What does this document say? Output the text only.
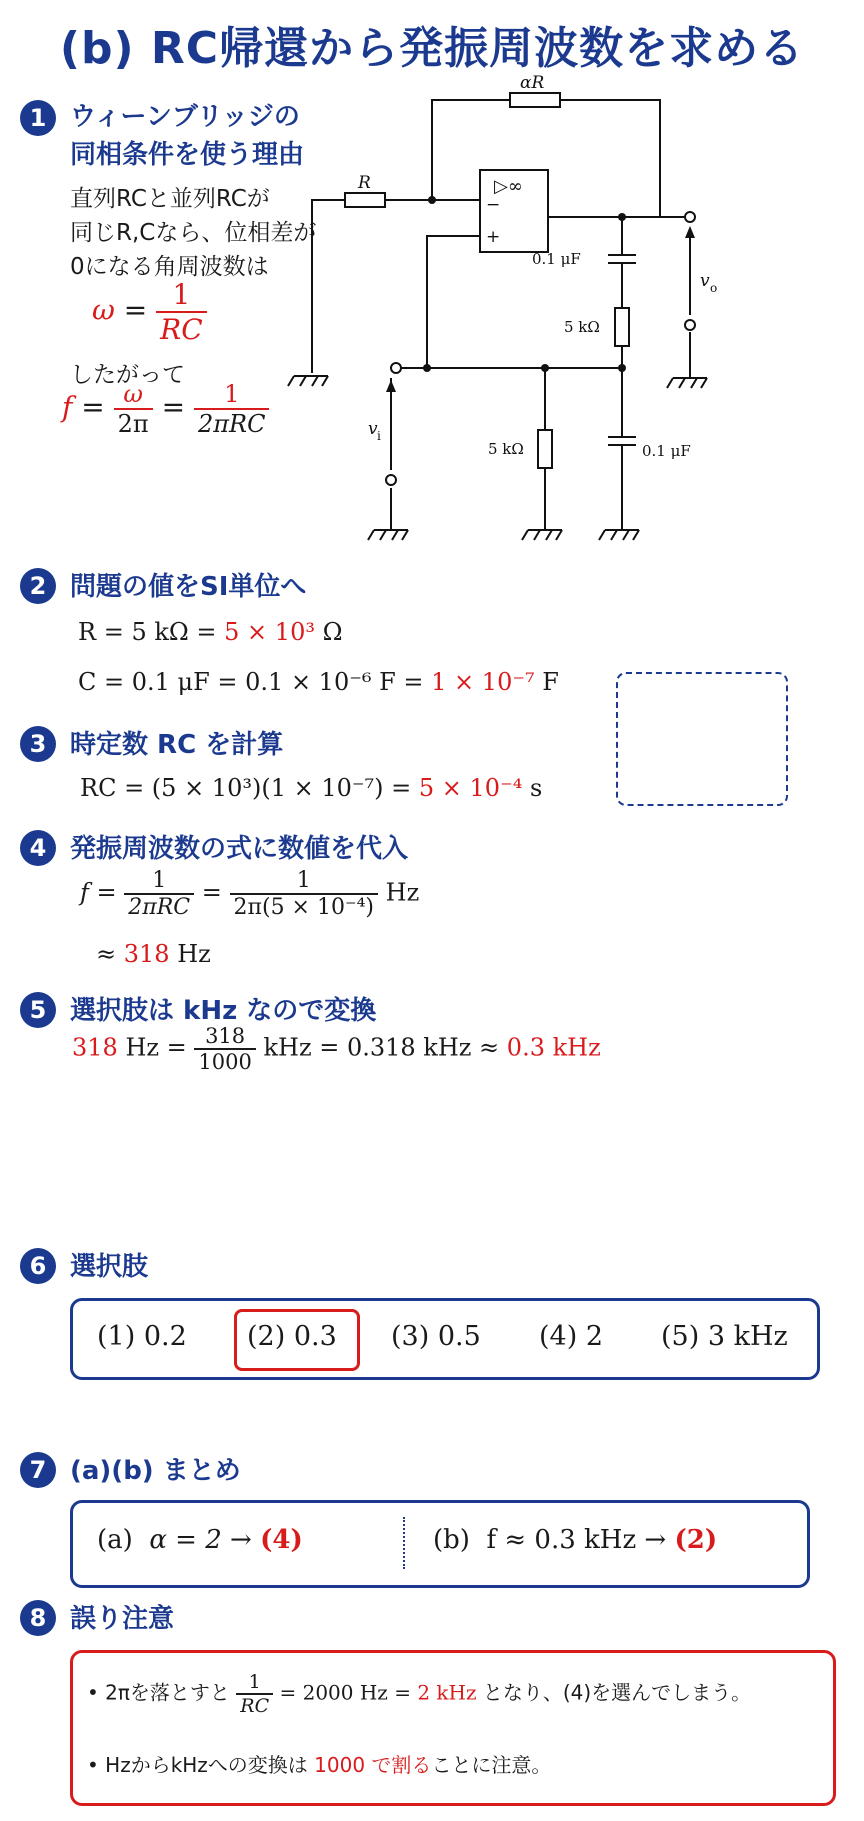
(b) RC帰還から発振周波数を求める
1 ウィーンブリッジの
同相条件を使う理由
直列RCと並列RCが
同じR,Cなら、位相差が
0になる角周波数は
$\omega = \frac{1}{RC}$
したがって
$f = \frac{\omega}{2\pi} = \frac{1}{\text{2πRC}}$
αR
R	▷∞
−
+
0.1 μF
5 kΩ
v o
v i
5 kΩ	0.1 μF
2 問題の値をSI単位へ
R = 5 kΩ = 5 × 10³ Ω
C = 0.1 μF = 0.1 × 10⁻⁶ F = 1 × 10⁻⁷ F
3 時定数 RC を計算
RC = (5 × 10³)(1 × 10⁻⁷) = 5 × 10⁻⁴ s
4 発振周波数の式に数値を代入
$f = \frac{1}{\text{2πRC}} = \frac{1}{\text{2π(5 × 10⁻⁴)}}$ Hz
≈ 318 Hz
5 選択肢は kHz なので変換
318 $Hz = \frac{318}{1000}$ kHz = 0.318 kHz ≈ 0.3 kHz
6 選択肢
(1) 0.2 (2) 0.3 (3) 0.5 (4) 2 (5) 3 kHz
7 (a)(b) まとめ
(a) α = 2 → (4)	(b) f ≈ 0.3 kHz → (2)
8 誤り注意
• 2πを落とすと $\frac{1}{RC} = 2000$ Hz = 2 kHz となり、(4)を選んでしまう。
• HzからkHzへの変換は 1000 で割ることに注意。
